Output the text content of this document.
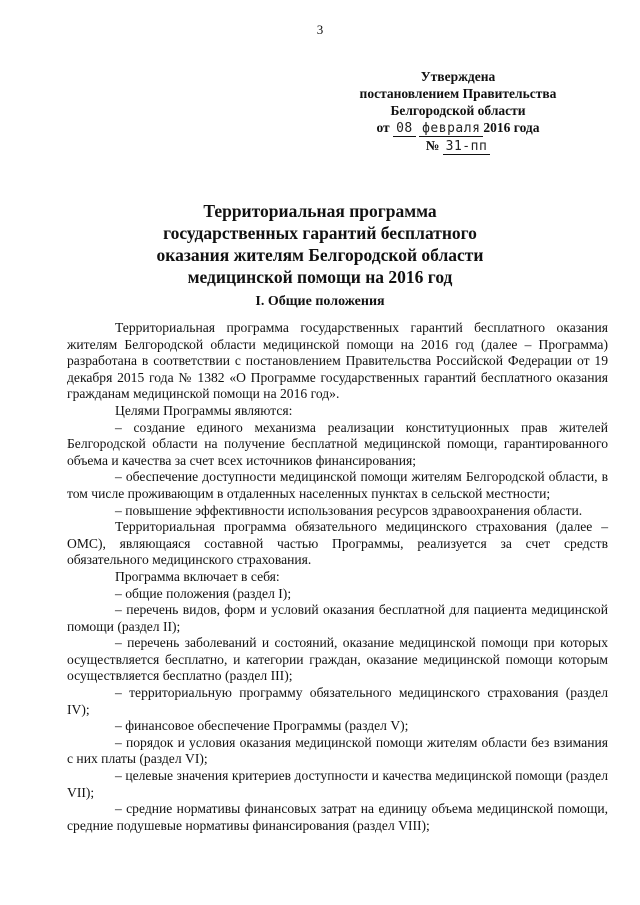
3
Утверждена
постановлением Правительства
Белгородской области
от 08 февраля 2016 года
№ 31-пп
Территориальная программа
государственных гарантий бесплатного
оказания жителям Белгородской области
медицинской помощи на 2016 год
I. Общие положения

Территориальная программа государственных гарантий бесплатного оказания жителям Белгородской области медицинской помощи на 2016 год (далее – Программа) разработана в соответствии с постановлением Правительства Российской Федерации от 19 декабря 2015 года № 1382 «О Программе государственных гарантий бесплатного оказания гражданам медицинской помощи на 2016 год».

Целями Программы являются:

– создание единого механизма реализации конституционных прав жителей Белгородской области на получение бесплатной медицинской помощи, гарантированного объема и качества за счет всех источников финансирования;

– обеспечение доступности медицинской помощи жителям Белгородской области, в том числе проживающим в отдаленных населенных пунктах в сельской местности;

– повышение эффективности использования ресурсов здравоохранения области.

Территориальная программа обязательного медицинского страхования (далее – ОМС), являющаяся составной частью Программы, реализуется за счет средств обязательного медицинского страхования.

Программа включает в себя:

– общие положения (раздел I);

– перечень видов, форм и условий оказания бесплатной для пациента медицинской помощи (раздел II);

– перечень заболеваний и состояний, оказание медицинской помощи при которых осуществляется бесплатно, и категории граждан, оказание медицинской помощи которым осуществляется бесплатно (раздел III);

– территориальную программу обязательного медицинского страхования (раздел IV);

– финансовое обеспечение Программы (раздел V);

– порядок и условия оказания медицинской помощи жителям области без взимания с них платы (раздел VI);

– целевые значения критериев доступности и качества медицинской помощи (раздел VII);

– средние нормативы финансовых затрат на единицу объема медицинской помощи, средние подушевые нормативы финансирования (раздел VIII);
